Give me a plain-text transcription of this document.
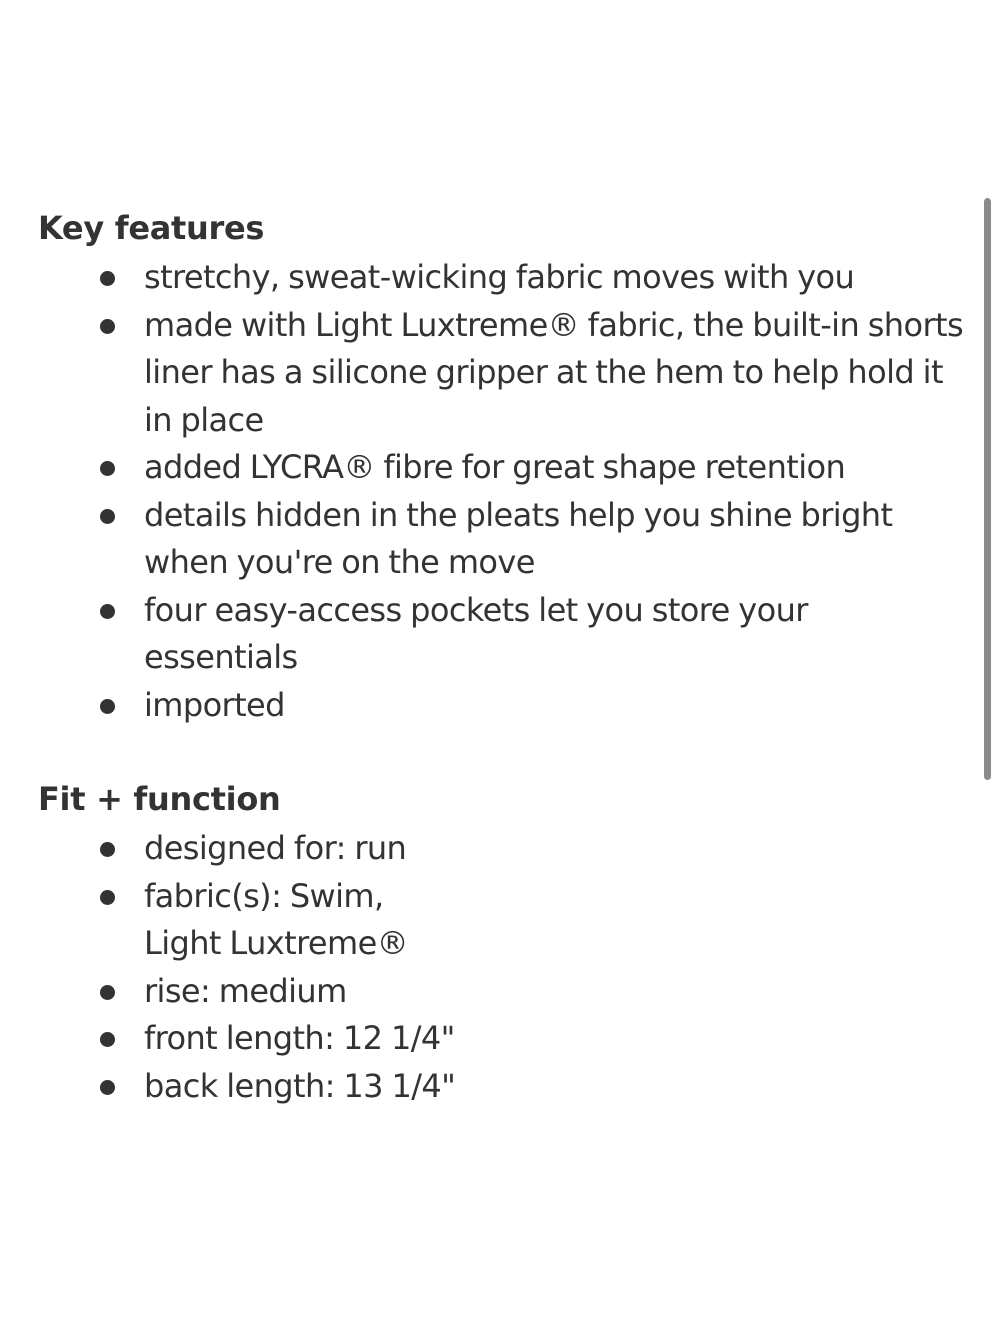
Key features
stretchy, sweat-wicking fabric moves with you
made with Light Luxtreme® fabric, the built-in shorts liner has a silicone gripper at the hem to help hold it in place
added LYCRA® fibre for great shape retention
details hidden in the pleats help you shine bright when you're on the move
four easy-access pockets let you store your essentials
imported
Fit + function
designed for: run
fabric(s): Swim,
Light Luxtreme®
rise: medium
front length: 12 1/4"
back length: 13 1/4"
